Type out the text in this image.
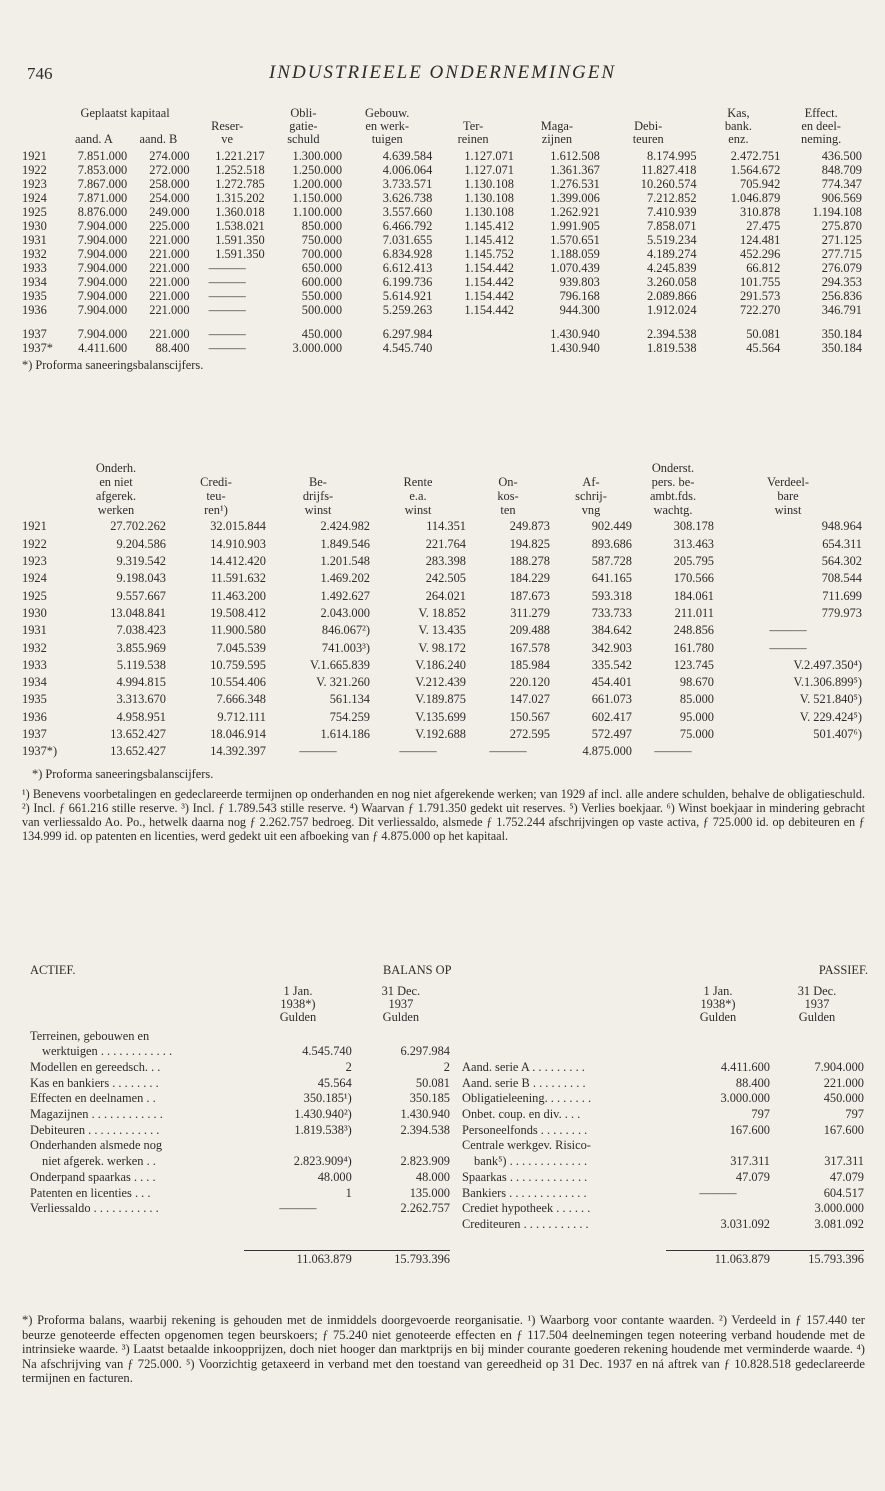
746	INDUSTRIEELE ONDERNEMINGEN
	Geplaatst kapitaal			Obli-	Gebouw.				Kas,	Effect.
			Reser-	gatie-	en werk-	Ter-	Maga-	Debi-	bank.	en deel-
	aand. A	aand. B	ve	schuld	tuigen	reinen	zijnen	teuren	enz.	neming.

1921	7.851.000	274.000	1.221.217	1.300.000	4.639.584	1.127.071	1.612.508	8.174.995	2.472.751	436.500
1922	7.853.000	272.000	1.252.518	1.250.000	4.006.064	1.127.071	1.361.367	11.827.418	1.564.672	848.709
1923	7.867.000	258.000	1.272.785	1.200.000	3.733.571	1.130.108	1.276.531	10.260.574	705.942	774.347
1924	7.871.000	254.000	1.315.202	1.150.000	3.626.738	1.130.108	1.399.006	7.212.852	1.046.879	906.569
1925	8.876.000	249.000	1.360.018	1.100.000	3.557.660	1.130.108	1.262.921	7.410.939	310.878	1.194.108
1930	7.904.000	225.000	1.538.021	850.000	6.466.792	1.145.412	1.991.905	7.858.071	27.475	275.870
1931	7.904.000	221.000	1.591.350	750.000	7.031.655	1.145.412	1.570.651	5.519.234	124.481	271.125
1932	7.904.000	221.000	1.591.350	700.000	6.834.928	1.145.752	1.188.059	4.189.274	452.296	277.715
1933	7.904.000	221.000	———	650.000	6.612.413	1.154.442	1.070.439	4.245.839	66.812	276.079
1934	7.904.000	221.000	———	600.000	6.199.736	1.154.442	939.803	3.260.058	101.755	294.353
1935	7.904.000	221.000	———	550.000	5.614.921	1.154.442	796.168	2.089.866	291.573	256.836
1936	7.904.000	221.000	———	500.000	5.259.263	1.154.442	944.300	1.912.024	722.270	346.791

1937	7.904.000	221.000	———	450.000	6.297.984		1.430.940	2.394.538	50.081	350.184
1937*	4.411.600	88.400	———	3.000.000	4.545.740		1.430.940	1.819.538	45.564	350.184
*) Proforma saneeringsbalanscijfers.
	Onderh.						Onderst.	
	en niet	Credi-	Be-	Rente	On-	Af-	pers. be-	Verdeel-
	afgerek.	teu-	drijfs-	e.a.	kos-	schrij-	ambt.fds.	bare
	werken	ren¹)	winst	winst	ten	vng	wachtg.	winst

1921	27.702.262	32.015.844	2.424.982	114.351	249.873	902.449	308.178	948.964
1922	9.204.586	14.910.903	1.849.546	221.764	194.825	893.686	313.463	654.311
1923	9.319.542	14.412.420	1.201.548	283.398	188.278	587.728	205.795	564.302
1924	9.198.043	11.591.632	1.469.202	242.505	184.229	641.165	170.566	708.544
1925	9.557.667	11.463.200	1.492.627	264.021	187.673	593.318	184.061	711.699
1930	13.048.841	19.508.412	2.043.000	V. 18.852	311.279	733.733	211.011	779.973
1931	7.038.423	11.900.580	846.067²)	V. 13.435	209.488	384.642	248.856	———
1932	3.855.969	7.045.539	741.003³)	V. 98.172	167.578	342.903	161.780	———
1933	5.119.538	10.759.595	V.1.665.839	V.186.240	185.984	335.542	123.745	V.2.497.350⁴)
1934	4.994.815	10.554.406	V. 321.260	V.212.439	220.120	454.401	98.670	V.1.306.899⁵)
1935	3.313.670	7.666.348	561.134	V.189.875	147.027	661.073	85.000	V. 521.840⁵)
1936	4.958.951	9.712.111	754.259	V.135.699	150.567	602.417	95.000	V. 229.424⁵)
1937	13.652.427	18.046.914	1.614.186	V.192.688	272.595	572.497	75.000	501.407⁶)
1937*)	13.652.427	14.392.397	———	———	———	4.875.000	———	
*) Proforma saneeringsbalanscijfers.
¹) Benevens voorbetalingen en gedeclareerde termijnen op onderhanden en nog niet afgerekende werken; van 1929 af incl. alle andere schulden, behalve de obligatieschuld. ²) Incl. ƒ 661.216 stille reserve. ³) Incl. ƒ 1.789.543 stille reserve. ⁴) Waarvan ƒ 1.791.350 gedekt uit reserves. ⁵) Verlies boekjaar. ⁶) Winst boekjaar in mindering gebracht van verliessaldo Ao. Po., hetwelk daarna nog ƒ 2.262.757 bedroeg. Dit verliessaldo, alsmede ƒ 1.752.244 afschrijvingen op vaste activa, ƒ 725.000 id. op debiteuren en ƒ 134.999 id. op patenten en licenties, werd gedekt uit een afboeking van ƒ 4.875.000 op het kapitaal.
ACTIEF.	BALANS OP	PASSIEF.
	1 Jan.	31 Dec.
	1938*)	1937
	Gulden	Gulden

Terreinen, gebouwen en		
werktuigen . . . . . . . . . . . .	4.545.740	6.297.984
Modellen en gereedsch. . .	2	2
Kas en bankiers . . . . . . . .	45.564	50.081
Effecten en deelnamen . .	350.185¹)	350.185
Magazijnen . . . . . . . . . . . .	1.430.940²)	1.430.940
Debiteuren . . . . . . . . . . . .	1.819.538³)	2.394.538
Onderhanden alsmede nog		
niet afgerek. werken . .	2.823.909⁴)	2.823.909
Onderpand spaarkas . . . .	48.000	48.000
Patenten en licenties . . .	1	135.000
Verliessaldo . . . . . . . . . . .	———	2.262.757

	11.063.879	15.793.396
	1 Jan.	31 Dec.
	1938*)	1937
	Gulden	Gulden

Aand. serie A . . . . . . . . .	4.411.600	7.904.000
Aand. serie B . . . . . . . . .	88.400	221.000
Obligatieleening. . . . . . . .	3.000.000	450.000
Onbet. coup. en div. . . .	797	797
Personeelfonds . . . . . . . .	167.600	167.600
Centrale werkgev. Risico-		
bank⁵) . . . . . . . . . . . . .	317.311	317.311
Spaarkas . . . . . . . . . . . . .	47.079	47.079
Bankiers . . . . . . . . . . . . .	———	604.517
Crediet hypotheek . . . . . .		3.000.000
Crediteuren . . . . . . . . . . .	3.031.092	3.081.092

	11.063.879	15.793.396
*) Proforma balans, waarbij rekening is gehouden met de inmiddels doorgevoerde reorganisatie. ¹) Waarborg voor contante waarden. ²) Verdeeld in ƒ 157.440 ter beurze genoteerde effecten opgenomen tegen beurskoers; ƒ 75.240 niet genoteerde effecten en ƒ 117.504 deelnemingen tegen noteering verband houdende met de intrinsieke waarde. ³) Laatst betaalde inkoopprijzen, doch niet hooger dan marktprijs en bij minder courante goederen rekening houdende met verminderde waarde. ⁴) Na afschrijving van ƒ 725.000. ⁵) Voorzichtig getaxeerd in verband met den toestand van gereedheid op 31 Dec. 1937 en ná aftrek van ƒ 10.828.518 gedeclareerde termijnen en facturen.
